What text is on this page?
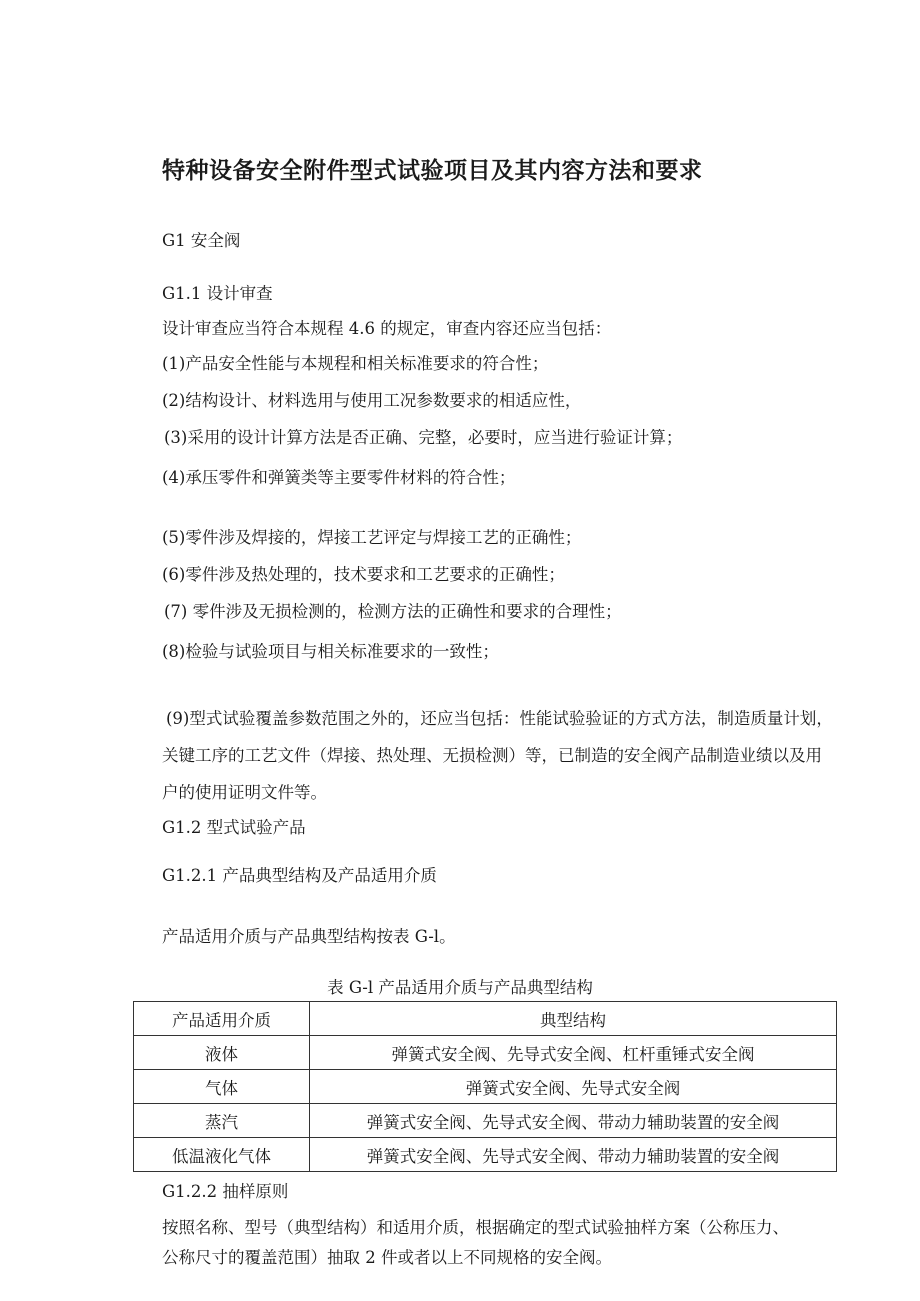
特种设备安全附件型式试验项目及其内容方法和要求

G1 安全阀

G1.1 设计审查

设计审查应当符合本规程 4.6 的规定，审查内容还应当包括：

(1)产品安全性能与本规程和相关标准要求的符合性；

(2)结构设计、材料选用与使用工况参数要求的相适应性，

(3)采用的设计计算方法是否正确、完整，必要时，应当进行验证计算；

(4)承压零件和弹簧类等主要零件材料的符合性；

(5)零件涉及焊接的，焊接工艺评定与焊接工艺的正确性；

(6)零件涉及热处理的，技术要求和工艺要求的正确性；

(7) 零件涉及无损检测的，检测方法的正确性和要求的合理性；

(8)检验与试验项目与相关标准要求的一致性；

(9)型式试验覆盖参数范围之外的，还应当包括：性能试验验证的方式方法，制造质量计划，关键工序的工艺文件（焊接、热处理、无损检测）等，已制造的安全阀产品制造业绩以及用户的使用证明文件等。

G1.2 型式试验产品

G1.2.1 产品典型结构及产品适用介质

产品适用介质与产品典型结构按表 G-l。

表 G-l 产品适用介质与产品典型结构

产品适用介质	典型结构
液体	弹簧式安全阀、先导式安全阀、杠杆重锤式安全阀
气体	弹簧式安全阀、先导式安全阀
蒸汽	弹簧式安全阀、先导式安全阀、带动力辅助装置的安全阀
低温液化气体	弹簧式安全阀、先导式安全阀、带动力辅助装置的安全阀

G1.2.2 抽样原则

按照名称、型号（典型结构）和适用介质，根据确定的型式试验抽样方案（公称压力、

公称尺寸的覆盖范围）抽取 2 件或者以上不同规格的安全阀。
